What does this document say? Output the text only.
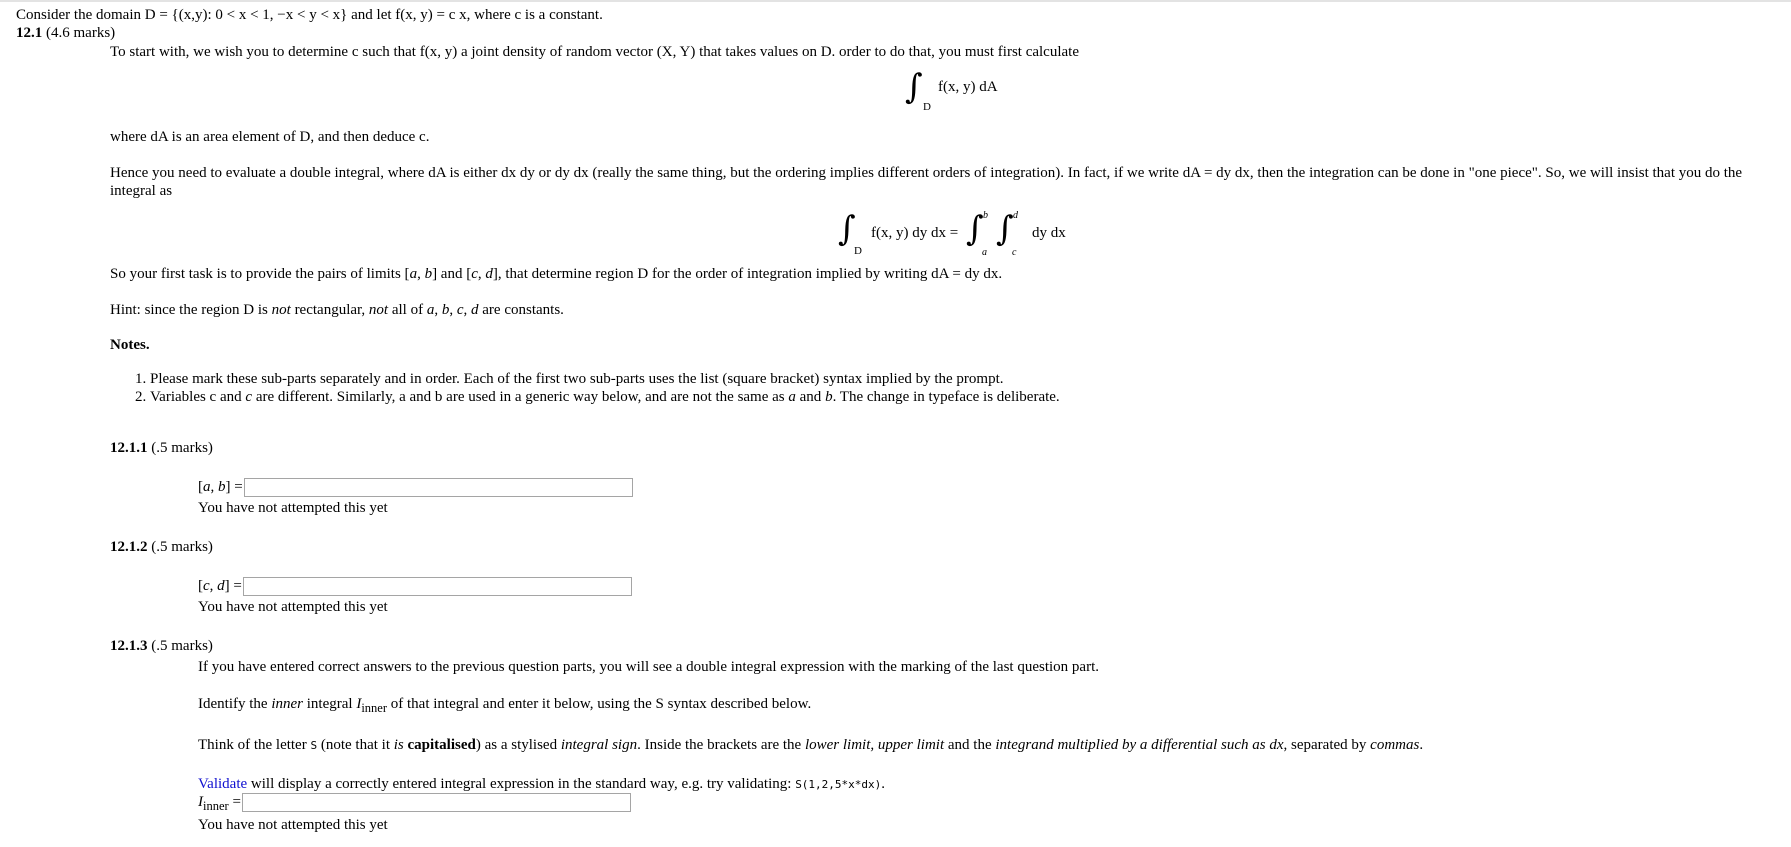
Consider the domain D = {(x,y): 0 < x < 1, −x < y < x} and let f(x, y) = c x, where c is a constant.
12.1 (4.6 marks)
To start with, we wish you to determine c such that f(x, y) a joint density of random vector (X, Y) that takes values on D. order to do that, you must first calculate
∫ D
f(x, y) dA
where dA is an area element of D, and then deduce c.
Hence you need to evaluate a double integral, where dA is either dx dy or dy dx (really the same thing, but the ordering implies different orders of integration). In fact, if we write dA = dy dx, then the integration can be done in "one piece". So, we will insist that you do the integral as
∫
D
f(x, y) dy dx = ∫ b
a
∫ d
c
dy dx
So your first task is to provide the pairs of limits [a, b] and [c, d], that determine region D for the order of integration implied by writing dA = dy dx.
Hint: since the region D is not rectangular, not all of a, b, c, d are constants.
Notes.
1. Please mark these sub-parts separately and in order. Each of the first two sub-parts uses the list (square bracket) syntax implied by the prompt.
2. Variables c and c are different. Similarly, a and b are used in a generic way below, and are not the same as a and b. The change in typeface is deliberate.
12.1.1 (.5 marks)
[a, b] =
You have not attempted this yet
12.1.2 (.5 marks)
[c, d] =
You have not attempted this yet
12.1.3 (.5 marks)
If you have entered correct answers to the previous question parts, you will see a double integral expression with the marking of the last question part.
Identify the inner integral $I_{inner}$ of that integral and enter it below, using the S syntax described below.
Think of the letter S (note that it is capitalised) as a stylised integral sign. Inside the brackets are the lower limit, upper limit and the integrand multiplied by a differential such as dx, separated by commas.
Validate will display a correctly entered integral expression in the standard way, e.g. try validating: S(1,2,5*x*dx).
$I_{inner}$ =
You have not attempted this yet
